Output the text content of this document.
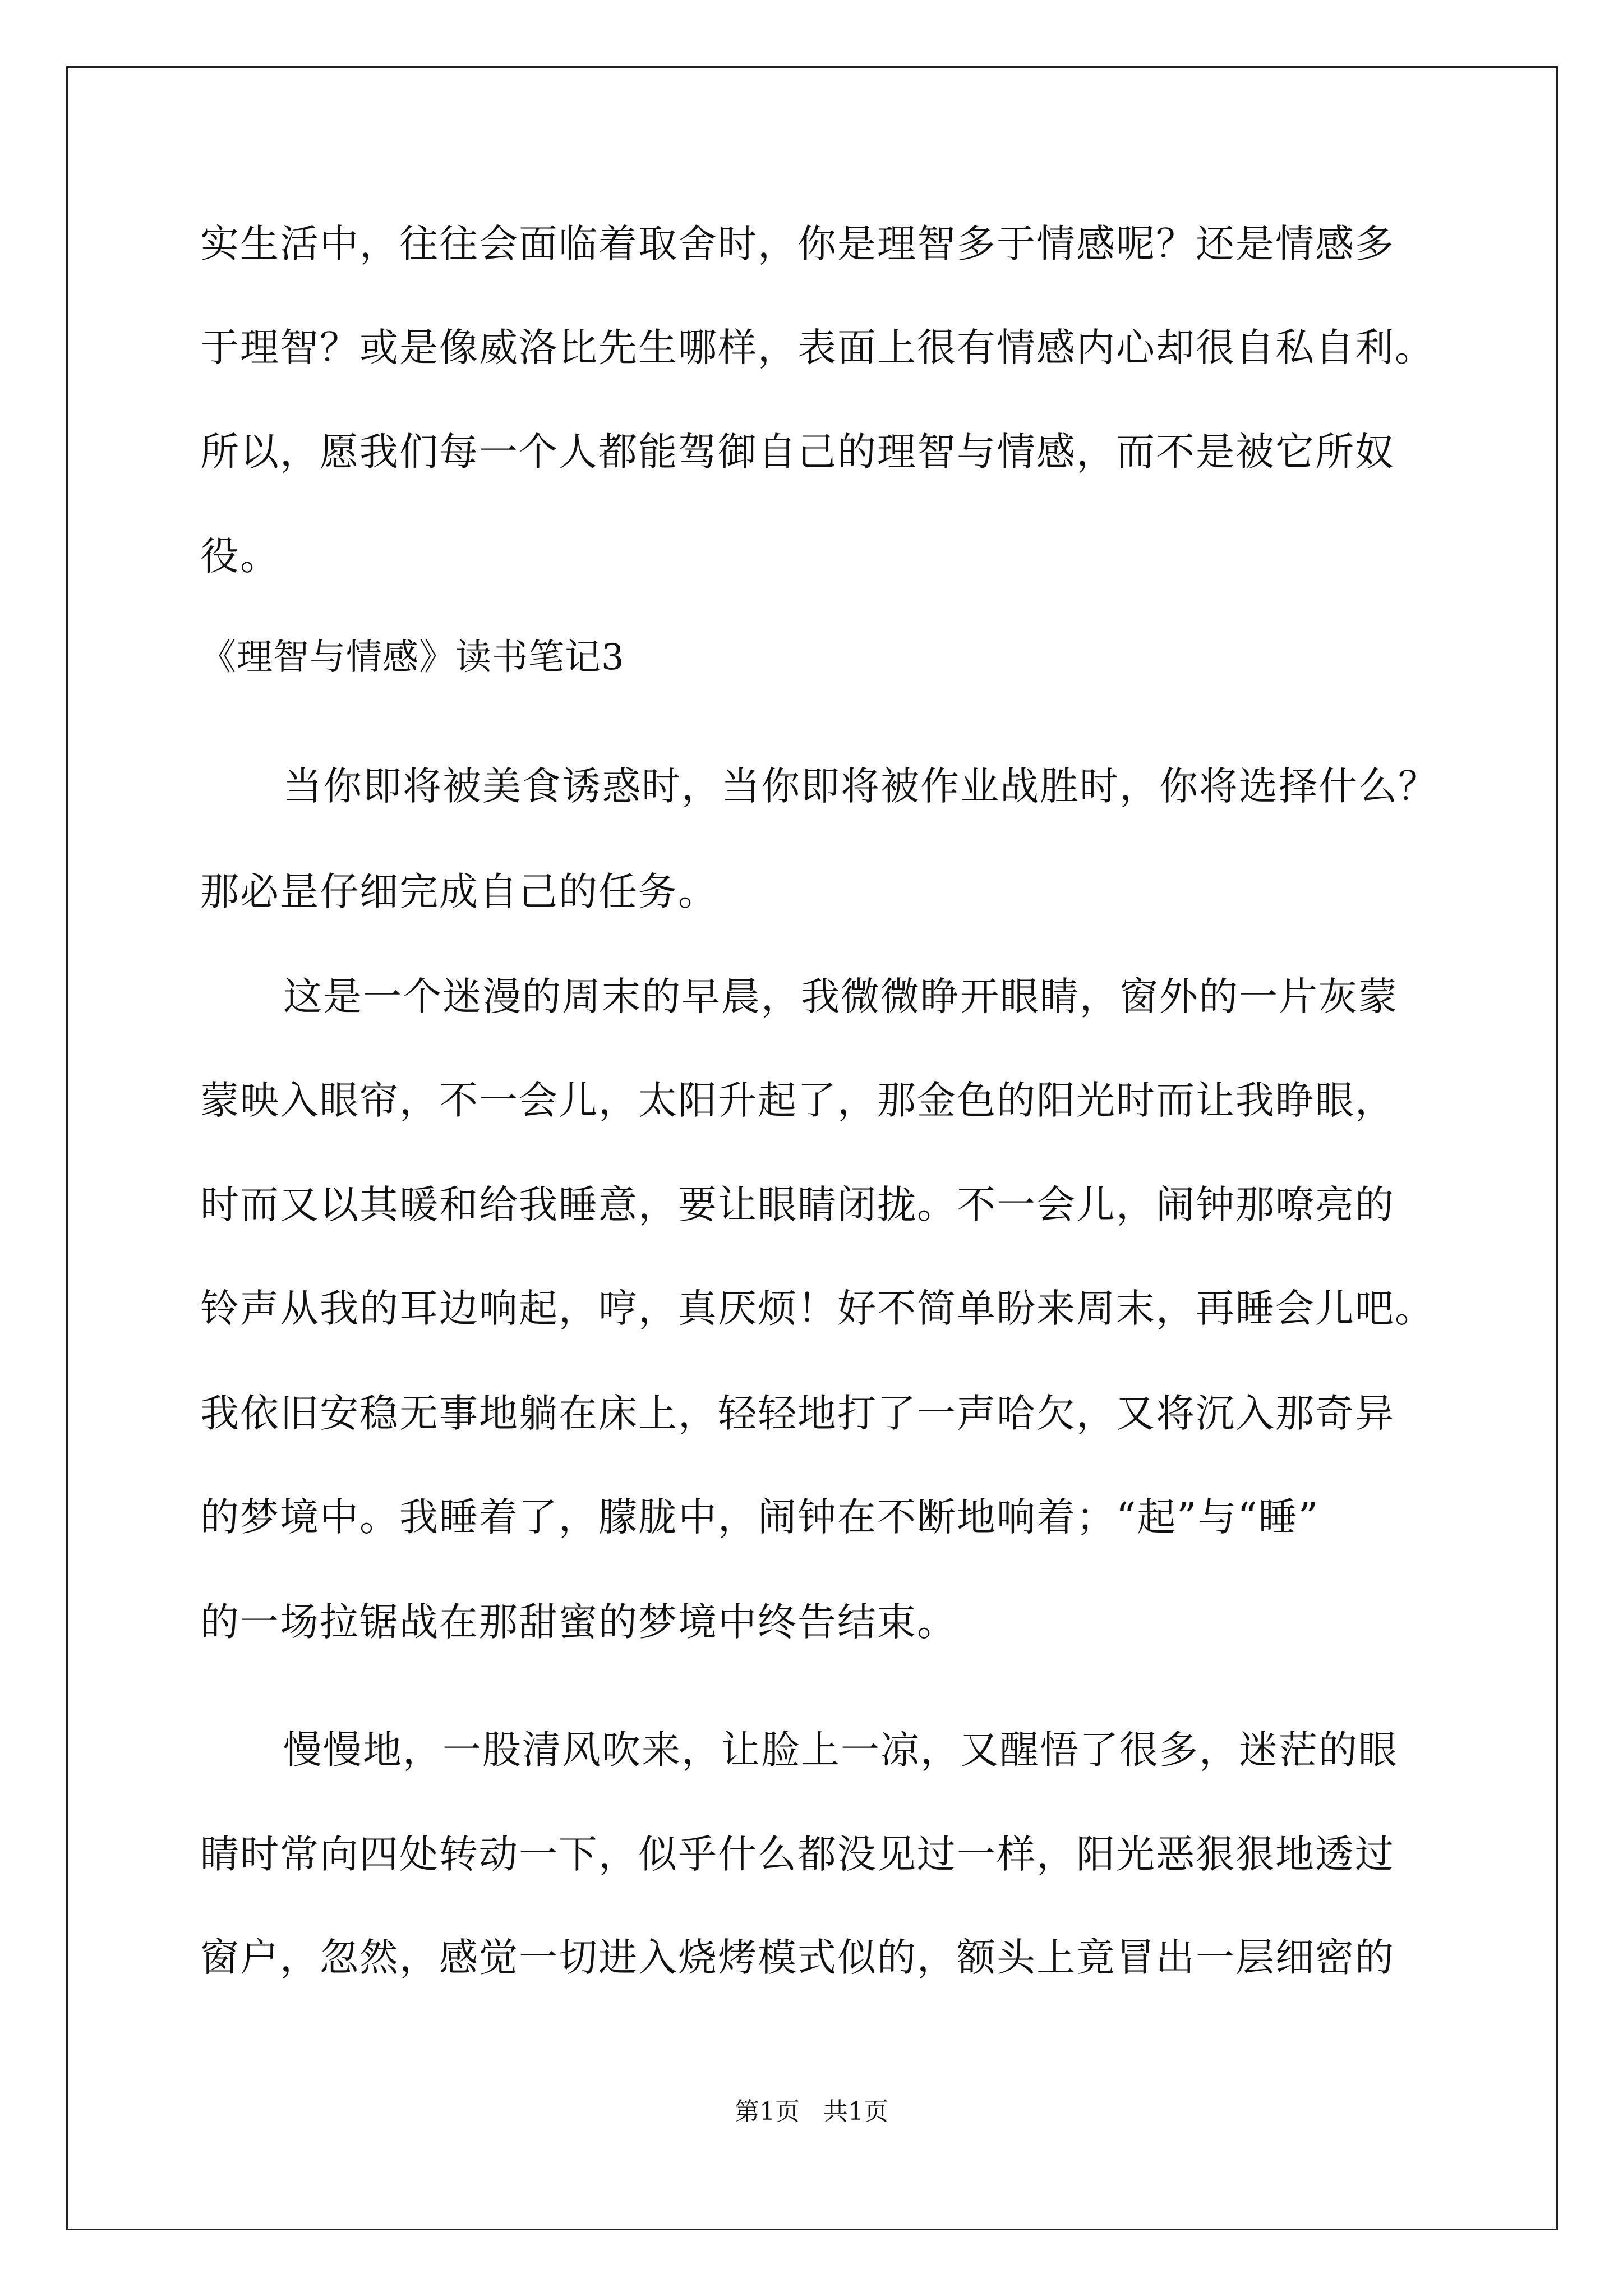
实生活中，往往会面临着取舍时，你是理智多于情感呢？还是情感多
于理智？或是像威洛比先生哪样，表面上很有情感内心却很自私自利。
所以，愿我们每一个人都能驾御自己的理智与情感，而不是被它所奴
役。
《理智与情感》读书笔记3
当你即将被美食诱惑时，当你即将被作业战胜时，你将选择什么？
那必昰仔细完成自己的任务。
这是一个迷漫的周末的早晨，我微微睁开眼睛，窗外的一片灰蒙
蒙映入眼帘，不一会儿，太阳升起了，那金色的阳光时而让我睁眼，
时而又以其暖和给我睡意，要让眼睛闭拢。不一会儿，闹钟那嘹亮的
铃声从我的耳边响起，哼，真厌烦！好不简单盼来周末，再睡会儿吧。
我依旧安稳无事地躺在床上，轻轻地打了一声哈欠，又将沉入那奇异
的梦境中。我睡着了，朦胧中，闹钟在不断地响着；“起”与“睡”
的一场拉锯战在那甜蜜的梦境中终告结束。
慢慢地，一股清风吹来，让脸上一凉，又醒悟了很多，迷茫的眼
睛时常向四处转动一下，似乎什么都没见过一样，阳光恶狠狠地透过
窗户，忽然，感觉一切进入烧烤模式似的，额头上竟冒出一层细密的
第1页   共1页
